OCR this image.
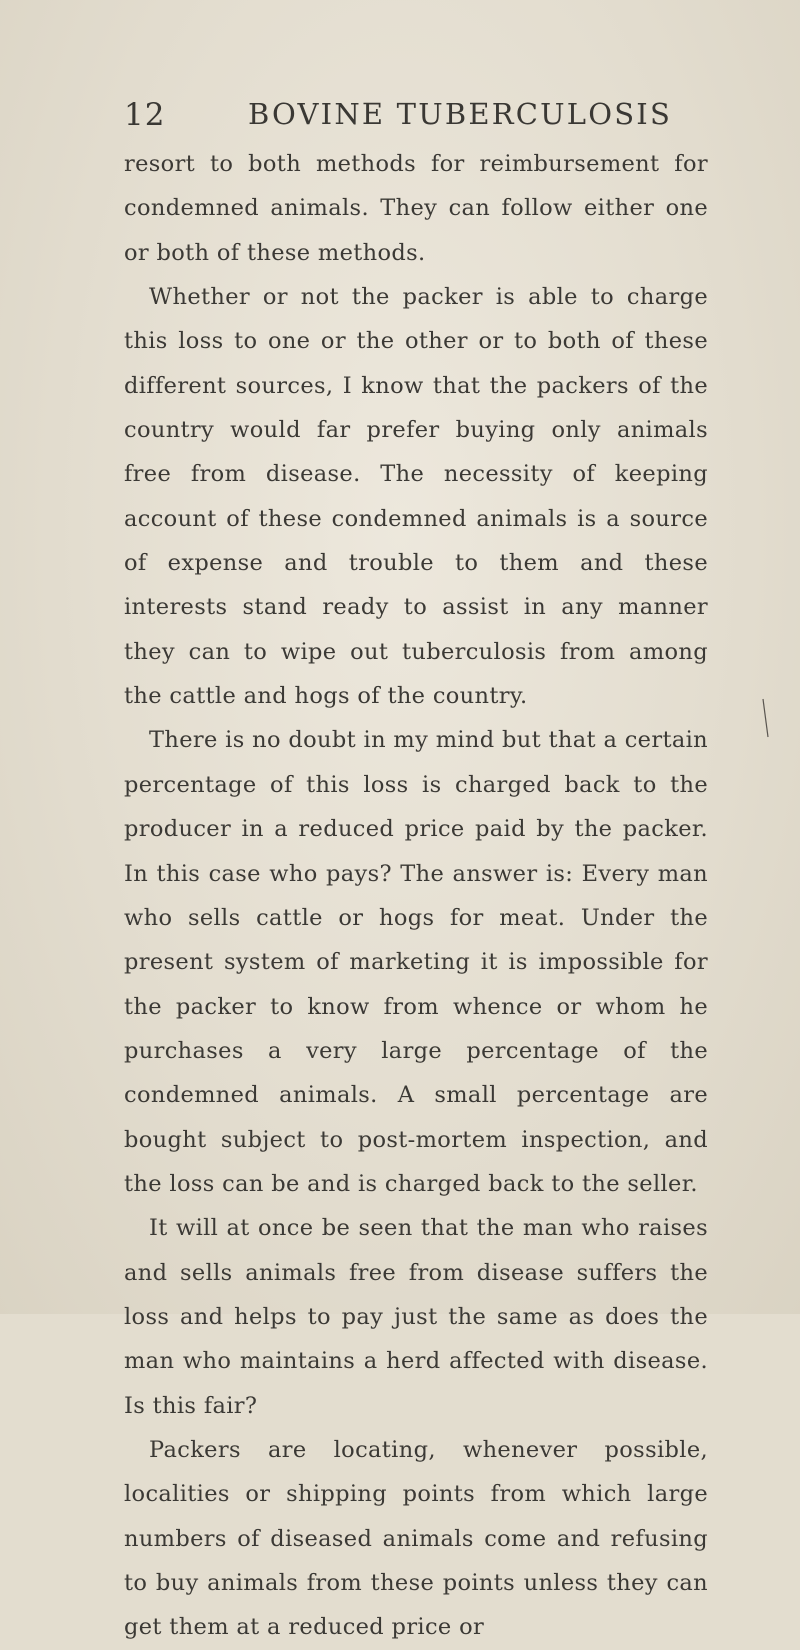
12	BOVINE TUBERCULOSIS

resort to both methods for reimbursement for condemned animals. They can follow either one or both of these methods.

Whether or not the packer is able to charge this loss to one or the other or to both of these different sources, I know that the packers of the country would far prefer buying only animals free from disease. The necessity of keeping account of these condemned animals is a source of expense and trouble to them and these interests stand ready to assist in any manner they can to wipe out tuberculosis from among the cattle and hogs of the country.

There is no doubt in my mind but that a certain percentage of this loss is charged back to the producer in a reduced price paid by the packer. In this case who pays? The answer is: Every man who sells cattle or hogs for meat. Under the present system of marketing it is impossible for the packer to know from whence or whom he purchases a very large percentage of the condemned animals. A small percentage are bought subject to post-mortem inspection, and the loss can be and is charged back to the seller.

It will at once be seen that the man who raises and sells animals free from disease suffers the loss and helps to pay just the same as does the man who maintains a herd affected with disease. Is this fair?

Packers are locating, whenever possible, localities or shipping points from which large numbers of diseased animals come and refusing to buy animals from these points unless they can get them at a reduced price or
